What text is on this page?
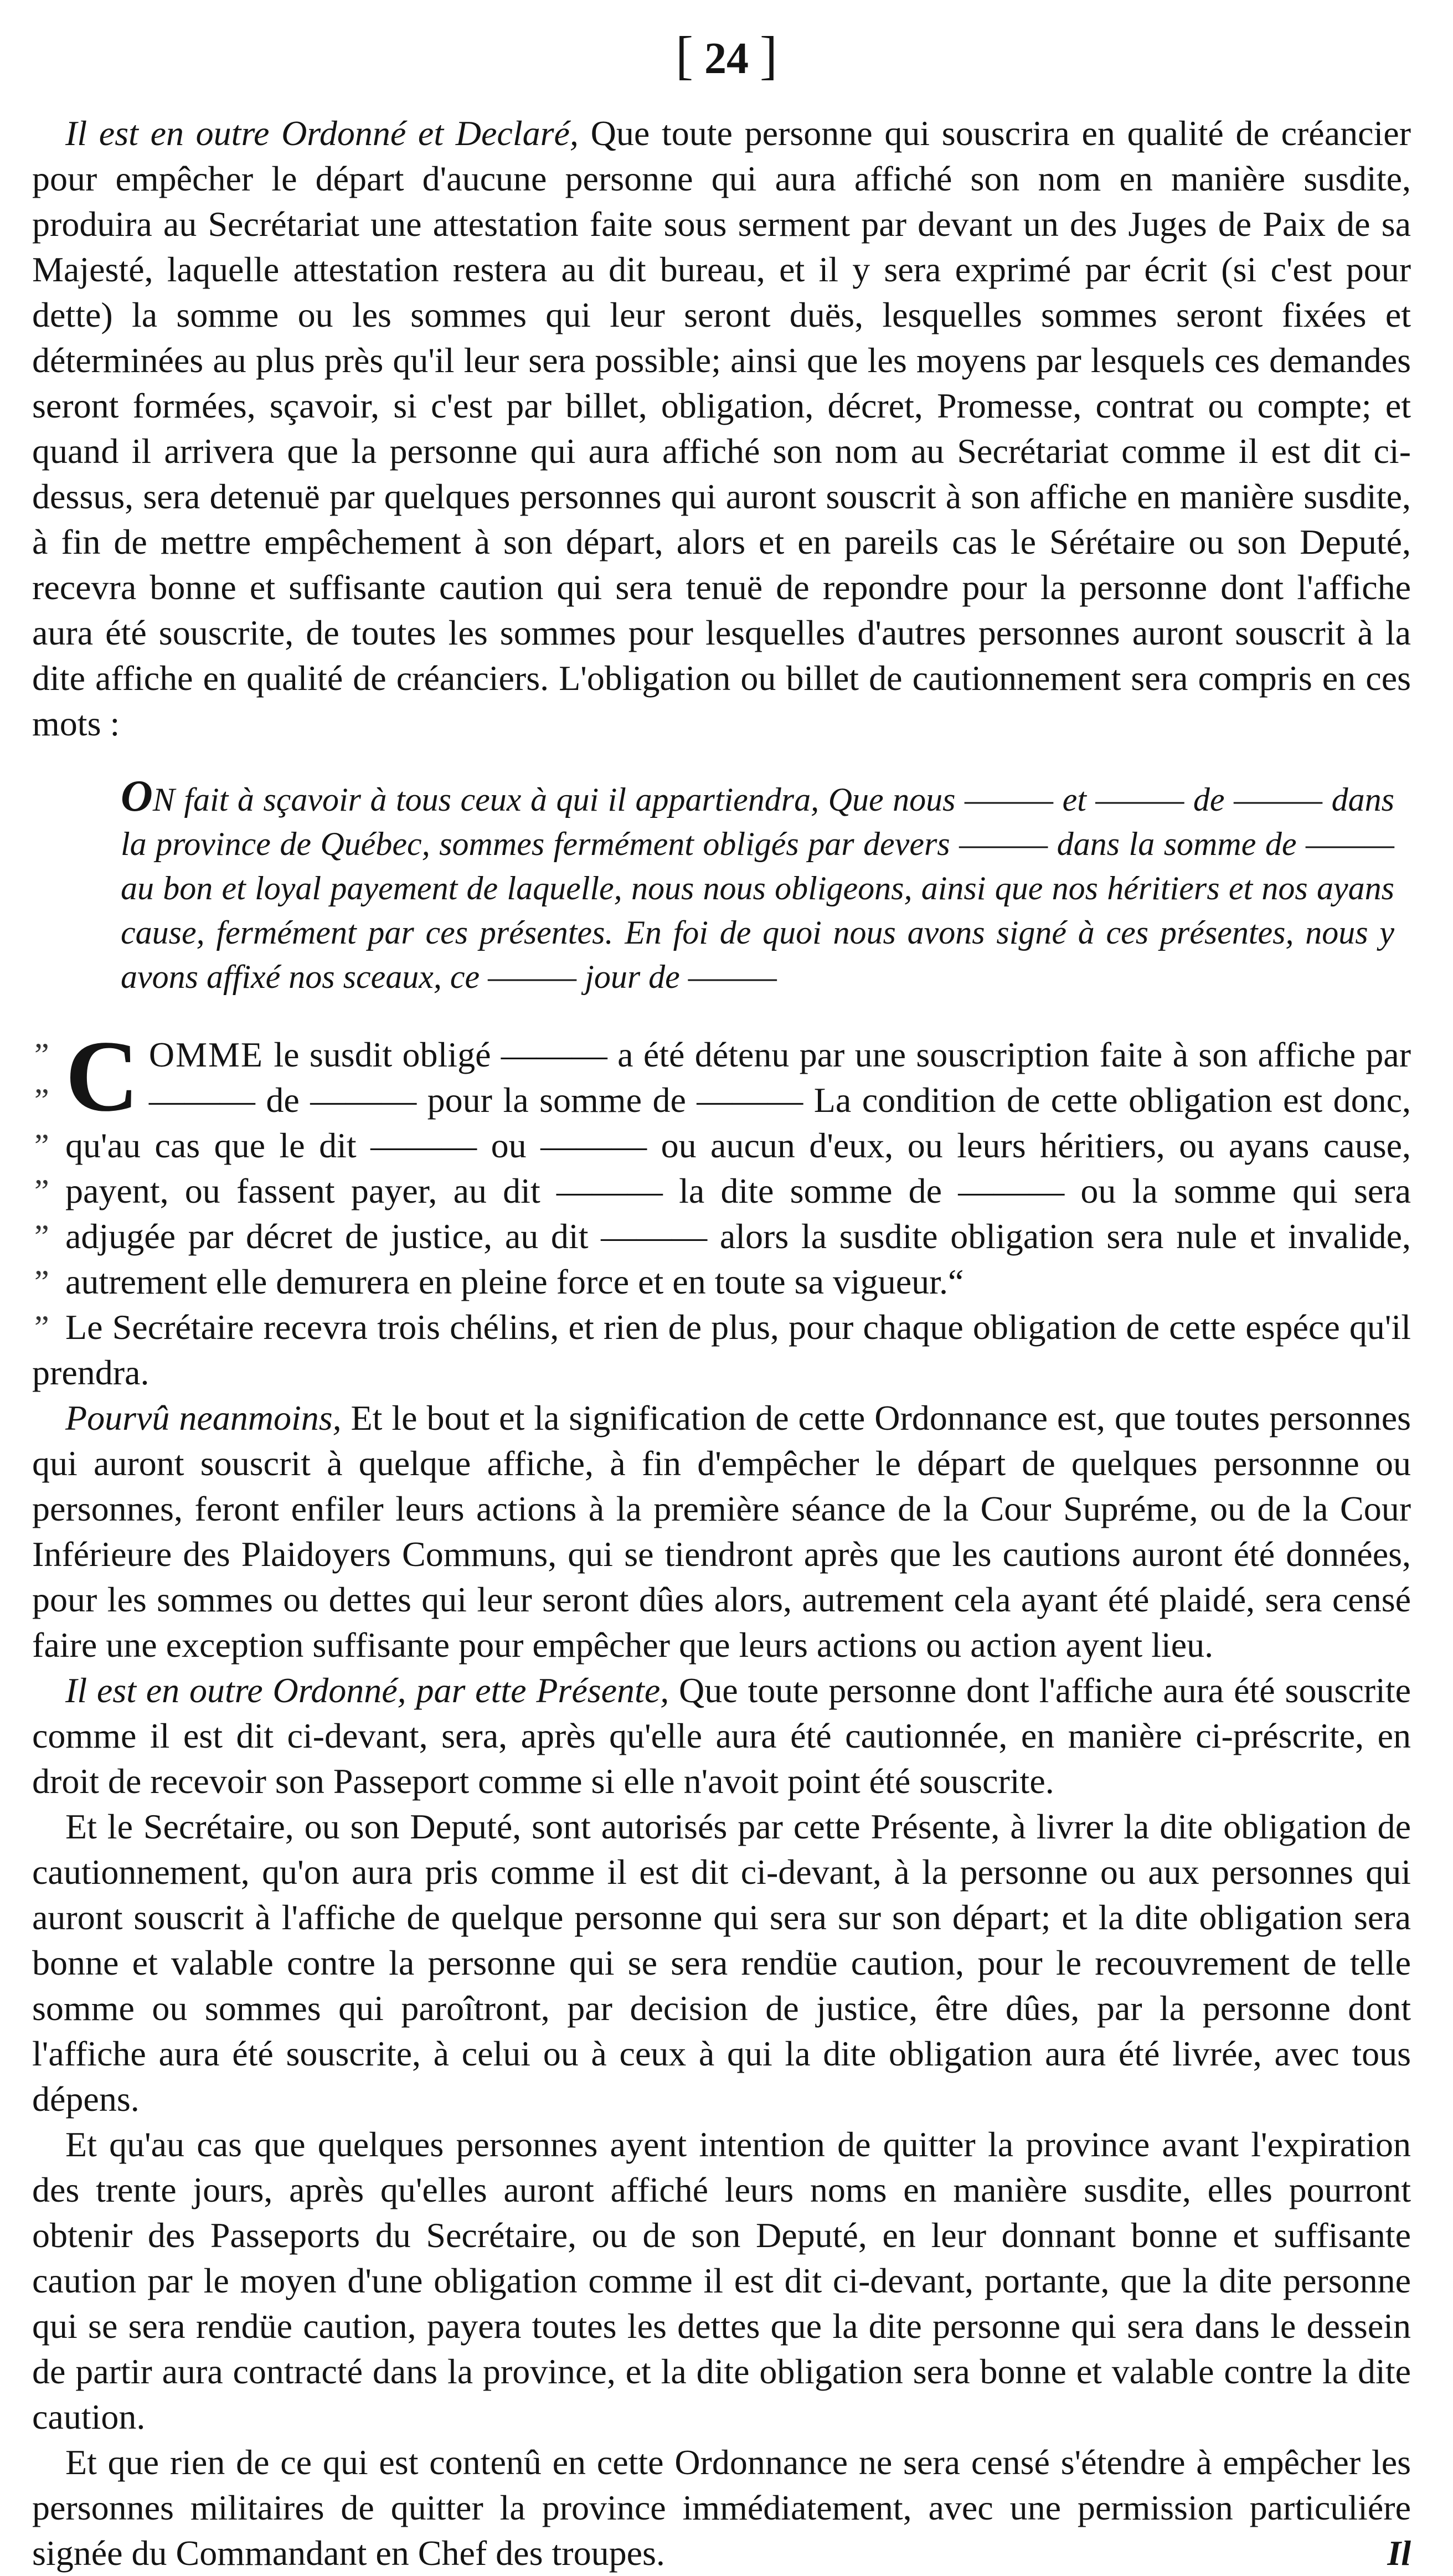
[ 24 ]

Il est en outre Ordonné et Declaré, Que toute personne qui souscrira en qualité de créancier pour empêcher le départ d'aucune personne qui aura affiché son nom en manière susdite, produira au Secrétariat une attestation faite sous serment par devant un des Juges de Paix de sa Majesté, laquelle attestation restera au dit bureau, et il y sera exprimé par écrit (si c'est pour dette) la somme ou les sommes qui leur seront duës, lesquelles sommes seront fixées et déterminées au plus près qu'il leur sera possible; ainsi que les moyens par lesquels ces demandes seront formées, sçavoir, si c'est par billet, obligation, décret, Promesse, contrat ou compte; et quand il arrivera que la personne qui aura affiché son nom au Secrétariat comme il est dit ci-dessus, sera detenuë par quelques personnes qui auront souscrit à son affiche en manière susdite, à fin de mettre empêchement à son départ, alors et en pareils cas le Sérétaire ou son Deputé, recevra bonne et suffisante caution qui sera tenuë de repondre pour la personne dont l'affiche aura été souscrite, de toutes les sommes pour lesquelles d'autres personnes auront souscrit à la dite affiche en qualité de créanciers. L'obligation ou billet de cautionnement sera compris en ces mots :

ON fait à sçavoir à tous ceux à qui il appartiendra, Que nous ——— et ——— de ——— dans la province de Québec, sommes fermément obligés par devers ——— dans la somme de ——— au bon et loyal payement de laquelle, nous nous obligeons, ainsi que nos héritiers et nos ayans cause, fermément par ces présentes. En foi de quoi nous avons signé à ces présentes, nous y avons affixé nos sceaux, ce ——— jour de ———

”
”
”
”
”
”
”
C OMME le susdit obligé ——— a été détenu par une souscription faite à son affiche par ——— de ——— pour la somme de ——— La condition de cette obligation est donc, qu'au cas que le dit ——— ou ——— ou aucun d'eux, ou leurs héritiers, ou ayans cause, payent, ou fassent payer, au dit ——— la dite somme de ——— ou la somme qui sera adjugée par décret de justice, au dit ——— alors la susdite obligation sera nule et invalide, autrement elle demurera en pleine force et en toute sa vigueur.“

Le Secrétaire recevra trois chélins, et rien de plus, pour chaque obligation de cette espéce qu'il prendra.

Pourvû neanmoins, Et le bout et la signification de cette Ordonnance est, que toutes personnes qui auront souscrit à quelque affiche, à fin d'empêcher le départ de quelques personnne ou personnes, feront enfiler leurs actions à la première séance de la Cour Supréme, ou de la Cour Inférieure des Plaidoyers Communs, qui se tiendront après que les cautions auront été données, pour les sommes ou dettes qui leur seront dûes alors, autrement cela ayant été plaidé, sera censé faire une exception suffisante pour empêcher que leurs actions ou action ayent lieu.

Il est en outre Ordonné, par ette Présente, Que toute personne dont l'affiche aura été souscrite comme il est dit ci-devant, sera, après qu'elle aura été cautionnée, en manière ci-préscrite, en droit de recevoir son Passeport comme si elle n'avoit point été souscrite.

Et le Secrétaire, ou son Deputé, sont autorisés par cette Présente, à livrer la dite obligation de cautionnement, qu'on aura pris comme il est dit ci-devant, à la personne ou aux personnes qui auront souscrit à l'affiche de quelque personne qui sera sur son départ; et la dite obligation sera bonne et valable contre la personne qui se sera rendüe caution, pour le recouvrement de telle somme ou sommes qui paroîtront, par decision de justice, être dûes, par la personne dont l'affiche aura été souscrite, à celui ou à ceux à qui la dite obligation aura été livrée, avec tous dépens.

Et qu'au cas que quelques personnes ayent intention de quitter la province avant l'expiration des trente jours, après qu'elles auront affiché leurs noms en manière susdite, elles pourront obtenir des Passeports du Secrétaire, ou de son Deputé, en leur donnant bonne et suffisante caution par le moyen d'une obligation comme il est dit ci-devant, portante, que la dite personne qui se sera rendüe caution, payera toutes les dettes que la dite personne qui sera dans le dessein de partir aura contracté dans la province, et la dite obligation sera bonne et valable contre la dite caution.

Et que rien de ce qui est contenû en cette Ordonnance ne sera censé s'étendre à empêcher les personnes militaires de quitter la province immédiatement, avec une permission particuliére signée du Commandant en Chef des troupes.	Il
